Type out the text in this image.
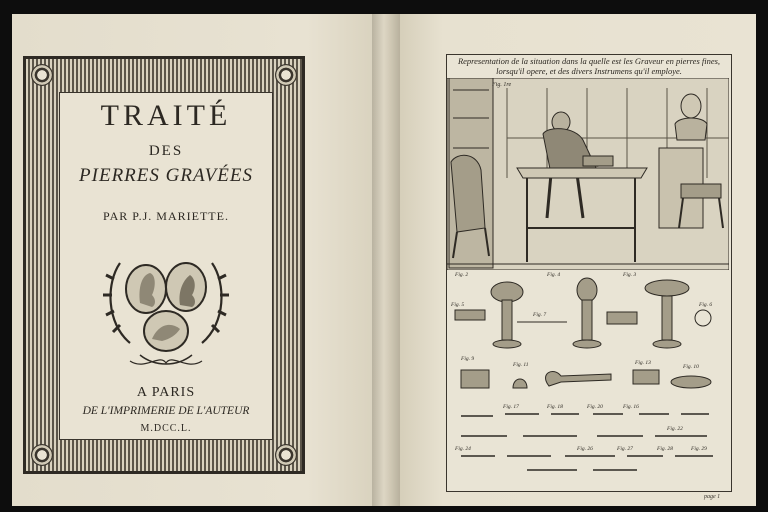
TRAITÉ
DES
PIERRES GRAVÉES
PAR P.J. MARIETTE.
A PARIS
DE L'IMPRIMERIE DE L'AUTEUR
M.DCC.L.
Representation de la situation dans la quelle est les Graveur en pierres fines, lorsqu'il opere, et des divers Instrumens qu'il employe.
Fig. 1re
Fig. 2	Fig. 4	Fig. 3
Fig. 5	Fig. 6
Fig. 7
Fig. 9
Fig. 10
Fig. 11	Fig. 13
Fig. 16
Fig. 17	Fig. 18	Fig. 20
Fig. 22
Fig. 24	Fig. 26	Fig. 27	Fig. 28	Fig. 29
page 1
